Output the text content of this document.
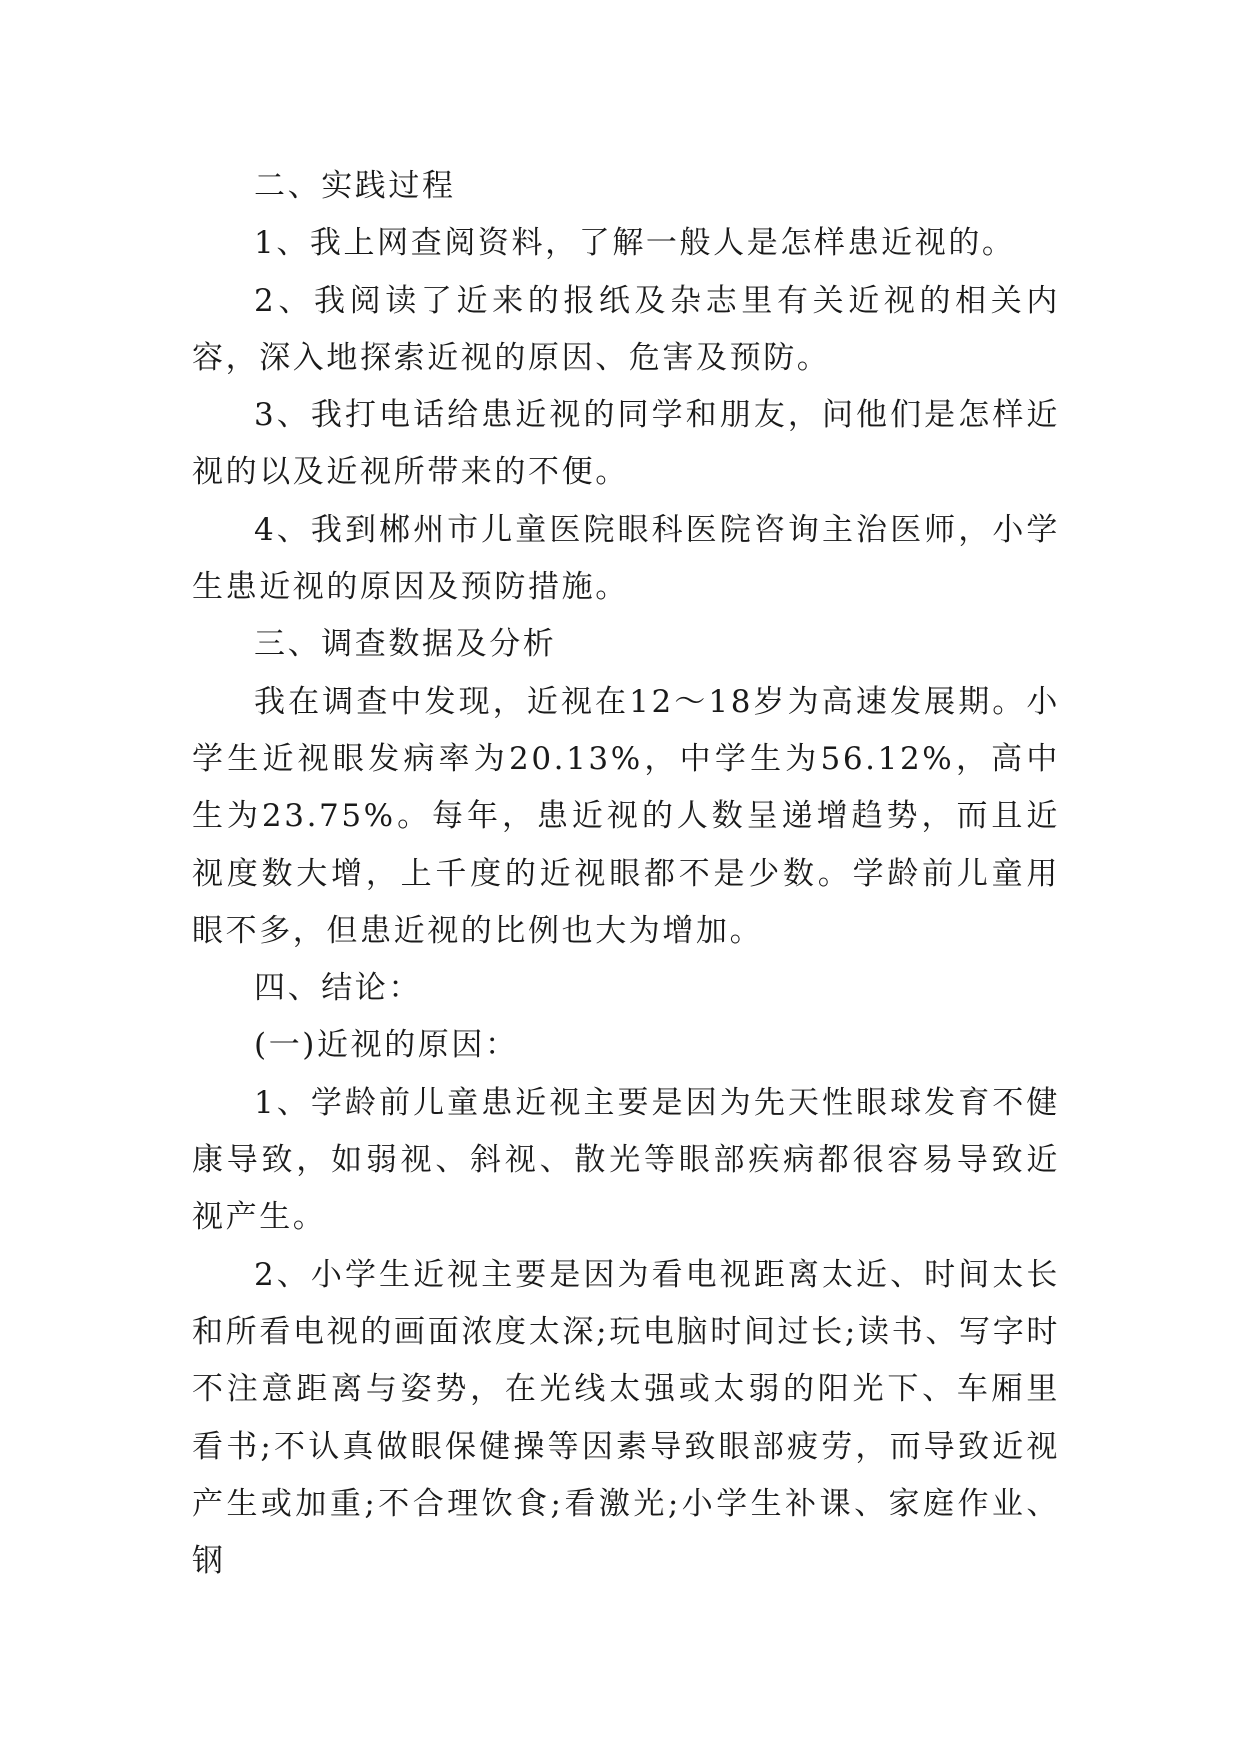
二、实践过程

1、我上网查阅资料，了解一般人是怎样患近视的。

2、我阅读了近来的报纸及杂志里有关近视的相关内容，深入地探索近视的原因、危害及预防。

3、我打电话给患近视的同学和朋友，问他们是怎样近视的以及近视所带来的不便。

4、我到郴州市儿童医院眼科医院咨询主治医师，小学生患近视的原因及预防措施。

三、调查数据及分析

我在调查中发现，近视在12～18岁为高速发展期。小学生近视眼发病率为20.13%，中学生为56.12%，高中生为23.75%。每年，患近视的人数呈递增趋势，而且近视度数大增，上千度的近视眼都不是少数。学龄前儿童用眼不多，但患近视的比例也大为增加。

四、结论：

(一)近视的原因：

1、学龄前儿童患近视主要是因为先天性眼球发育不健康导致，如弱视、斜视、散光等眼部疾病都很容易导致近视产生。

2、小学生近视主要是因为看电视距离太近、时间太长和所看电视的画面浓度太深;玩电脑时间过长;读书、写字时不注意距离与姿势，在光线太强或太弱的阳光下、车厢里看书;不认真做眼保健操等因素导致眼部疲劳，而导致近视产生或加重;不合理饮食;看激光;小学生补课、家庭作业、钢
